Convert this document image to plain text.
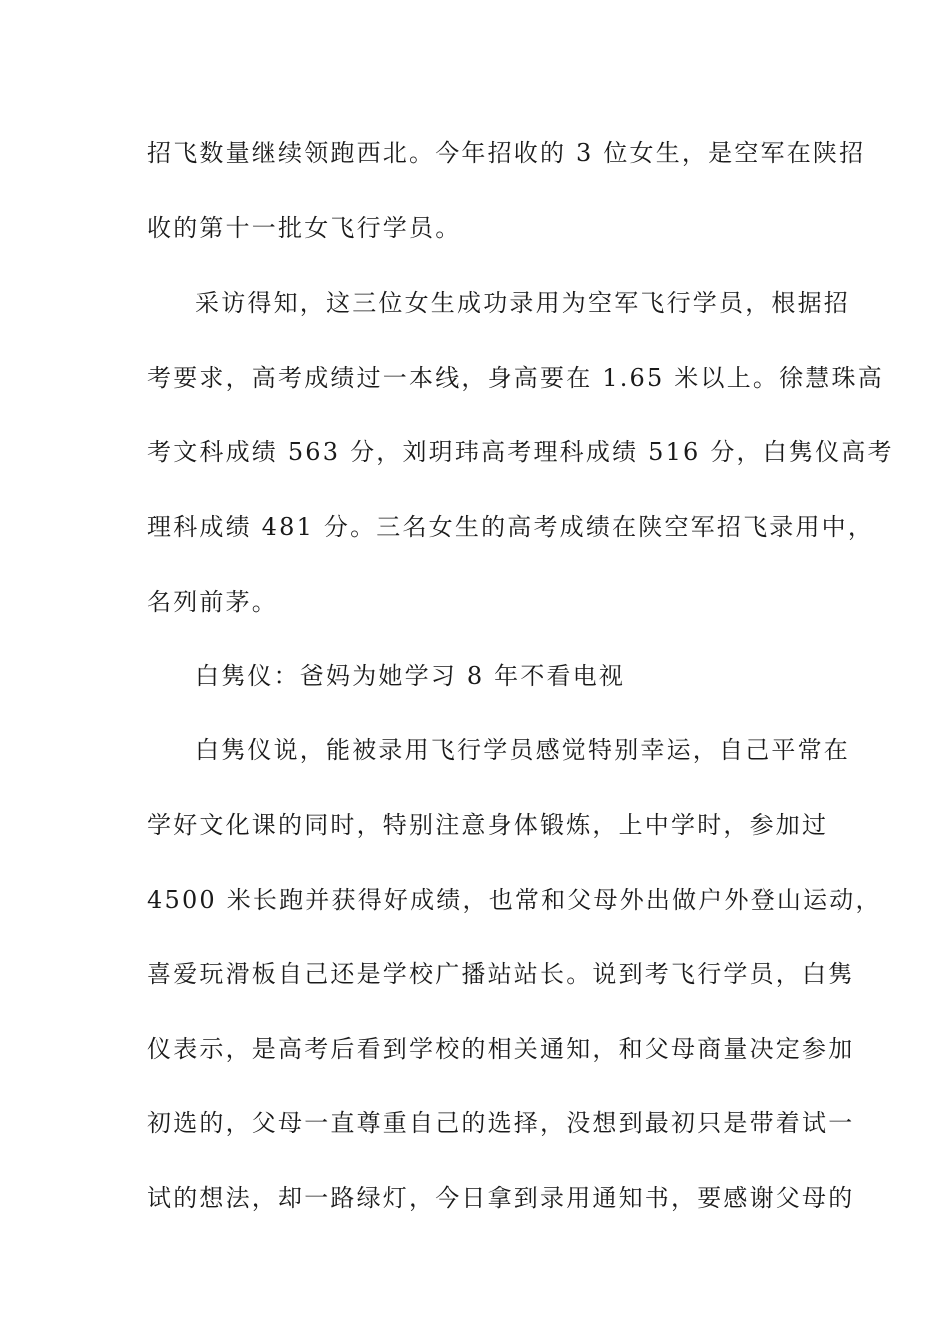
招飞数量继续领跑西北。今年招收的 3 位女生，是空军在陕招
收的第十一批女飞行学员。
采访得知，这三位女生成功录用为空军飞行学员，根据招
考要求，高考成绩过一本线，身高要在 1.65 米以上。徐慧珠高
考文科成绩 563 分，刘玥玮高考理科成绩 516 分，白隽仪高考
理科成绩 481 分。三名女生的高考成绩在陕空军招飞录用中，
名列前茅。
白隽仪：爸妈为她学习 8 年不看电视
白隽仪说，能被录用飞行学员感觉特别幸运，自己平常在
学好文化课的同时，特别注意身体锻炼，上中学时，参加过
4500 米长跑并获得好成绩，也常和父母外出做户外登山运动，
喜爱玩滑板自己还是学校广播站站长。说到考飞行学员，白隽
仪表示，是高考后看到学校的相关通知，和父母商量决定参加
初选的，父母一直尊重自己的选择，没想到最初只是带着试一
试的想法，却一路绿灯，今日拿到录用通知书，要感谢父母的
